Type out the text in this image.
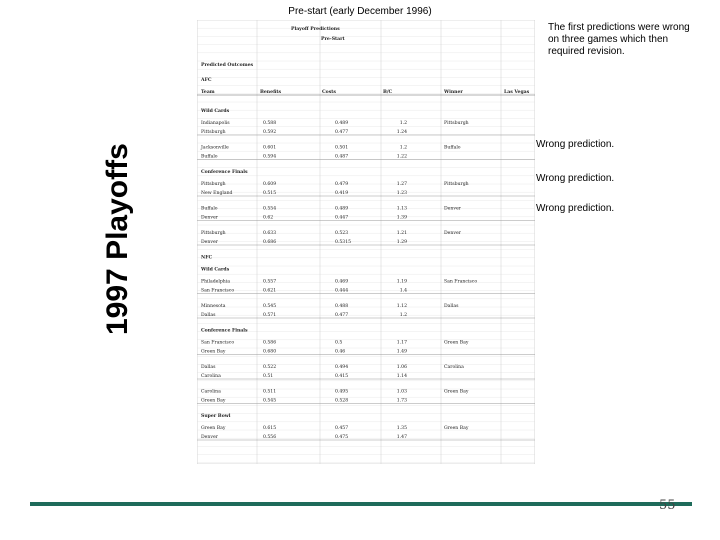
Pre-start (early December 1996)
1997 Playoffs
Playoff Predictions
Pre-Start
Predicted Outcomes
AFC
Team	Benefits	Costs	B/C	Winner	Las Vegas
Wild Cards
Indianapolis	0.588	0.489	1.2	Pittsburgh
Pittsburgh	0.592	0.477	1.24
Jacksonville	0.601	0.501	1.2	Buffalo
Buffalo	0.594	0.487	1.22
Conference Finals
Pittsburgh	0.609	0.479	1.27	Pittsburgh
New England	0.515	0.419	1.23
Buffalo	0.554	0.489	1.13	Denver
Denver	0.62	0.447	1.39
Pittsburgh	0.633	0.523	1.21	Denver
Denver	0.686	0.5315	1.29
NFC
Wild Cards
Philadelphia	0.557	0.469	1.19	San Francisco
San Francisco	0.621	0.444	1.4
Minnesota	0.545	0.488	1.12	Dallas
Dallas	0.571	0.477	1.2
Conference Finals
San Francisco	0.586	0.5	1.17	Green Bay
Green Bay	0.680	0.46	1.49
Dallas	0.522	0.494	1.06	Carolina
Carolina	0.51	0.415	1.14
Carolina	0.511	0.495	1.03	Green Bay
Green Bay	0.545	0.528	1.73
Super Bowl
Green Bay	0.615	0.457	1.35	Green Bay
Denver	0.556	0.475	1.47
The first predictions were wrong on three games which then required revision.
Wrong prediction.
Wrong prediction.
Wrong prediction.
55
